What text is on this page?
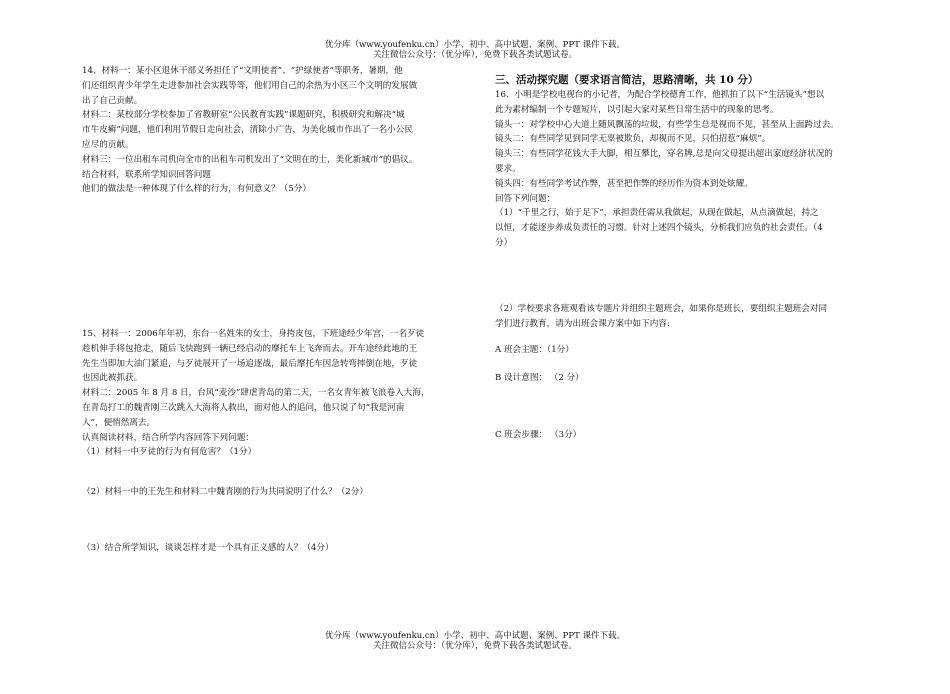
优分库（www.youfenku.cn）小学、初中、高中试题、案例、PPT 课件下载。
关注微信公众号：（优分库），免费下载各类试题试卷。

14、材料一：某小区退休干部义务担任了“文明使者”、“护绿使者”等职务，暑期，他

们还组织青少年学生走进参加社会实践等等，他们用自己的余热为小区三个文明的发展做

出了自己贡献。

材料二：某校部分学校参加了省教研室“公民教育实践”课题研究，积极研究和解决“城

市牛皮癣”问题，他们利用节假日走向社会，清除小广告，为美化城市作出了一名小公民

应尽的贡献。

材料三：一位出租车司机向全市的出租车司机发出了“文明在的士，美化新城市”的倡议。

结合材料，联系所学知识回答问题

他们的做法是一种体现了什么样的行为，有何意义？（5分）

15、材料一：2006年年初，东台一名姓朱的女士，身挎皮包，下班途经少年宫，一名歹徒

趁机伸手将包抢走，随后飞快跑到一辆已经启动的摩托车上飞奔而去。开车途经此地的王

先生当即加大油门紧追，与歹徒展开了一场追逐战，最后摩托车因急转弯摔倒在地，歹徒

也因此被抓获。

材料二：2005 年 8 月 8 日，台风“麦沙”肆虐青岛的第二天，一名女青年被飞浪卷入大海，

在青岛打工的魏青刚三次跳入大海将人救出，面对他人的追问，他只说了句“我是河南

人”，便悄然离去。

认真阅读材料，结合所学内容回答下列问题：

（1）材料一中歹徒的行为有何危害？（1分）

（2）材料一中的王先生和材料二中魏青刚的行为共同说明了什么？（2分）

（3）结合所学知识，谈谈怎样才是一个具有正义感的人？（4分）

三、活动探究题（要求语言简洁，思路清晰，共 10 分）

16、小明是学校电视台的小记者，为配合学校德育工作，他抓拍了以下“生活镜头”想以

此为素材编制一个专题短片，以引起大家对某些日常生活中的现象的思考。

镜头一：对学校中心大道上随风飘荡的垃圾，有些学生总是视而不见，甚至从上面跨过去。

镜头二：有些同学见到同学无辜被欺负，却视而不见，只怕招惹“麻烦”。

镜头三：有些同学花钱大手大脚，相互攀比，穿名牌,总是向父母提出超出家庭经济状况的

要求。

镜头四：有些同学考试作弊，甚至把作弊的经历作为资本到处炫耀。

回答下列问题：

（1）“千里之行，始于足下”，承担责任需从我做起，从现在做起，从点滴做起，持之

以恒，才能逐步养成负责任的习惯。针对上述四个镜头，分析我们应负的社会责任。（4

分）

（2）学校要求各班观看该专题片并组织主题班会，如果你是班长，要组织主题班会对同

学们进行教育，请为出班会课方案中如下内容:

A 班会主题：（1分）

B 设计意图： （2 分）

C 班会步骤： （3分）

优分库（www.youfenku.cn）小学、初中、高中试题、案例、PPT 课件下载。
关注微信公众号：（优分库），免费下载各类试题试卷。
